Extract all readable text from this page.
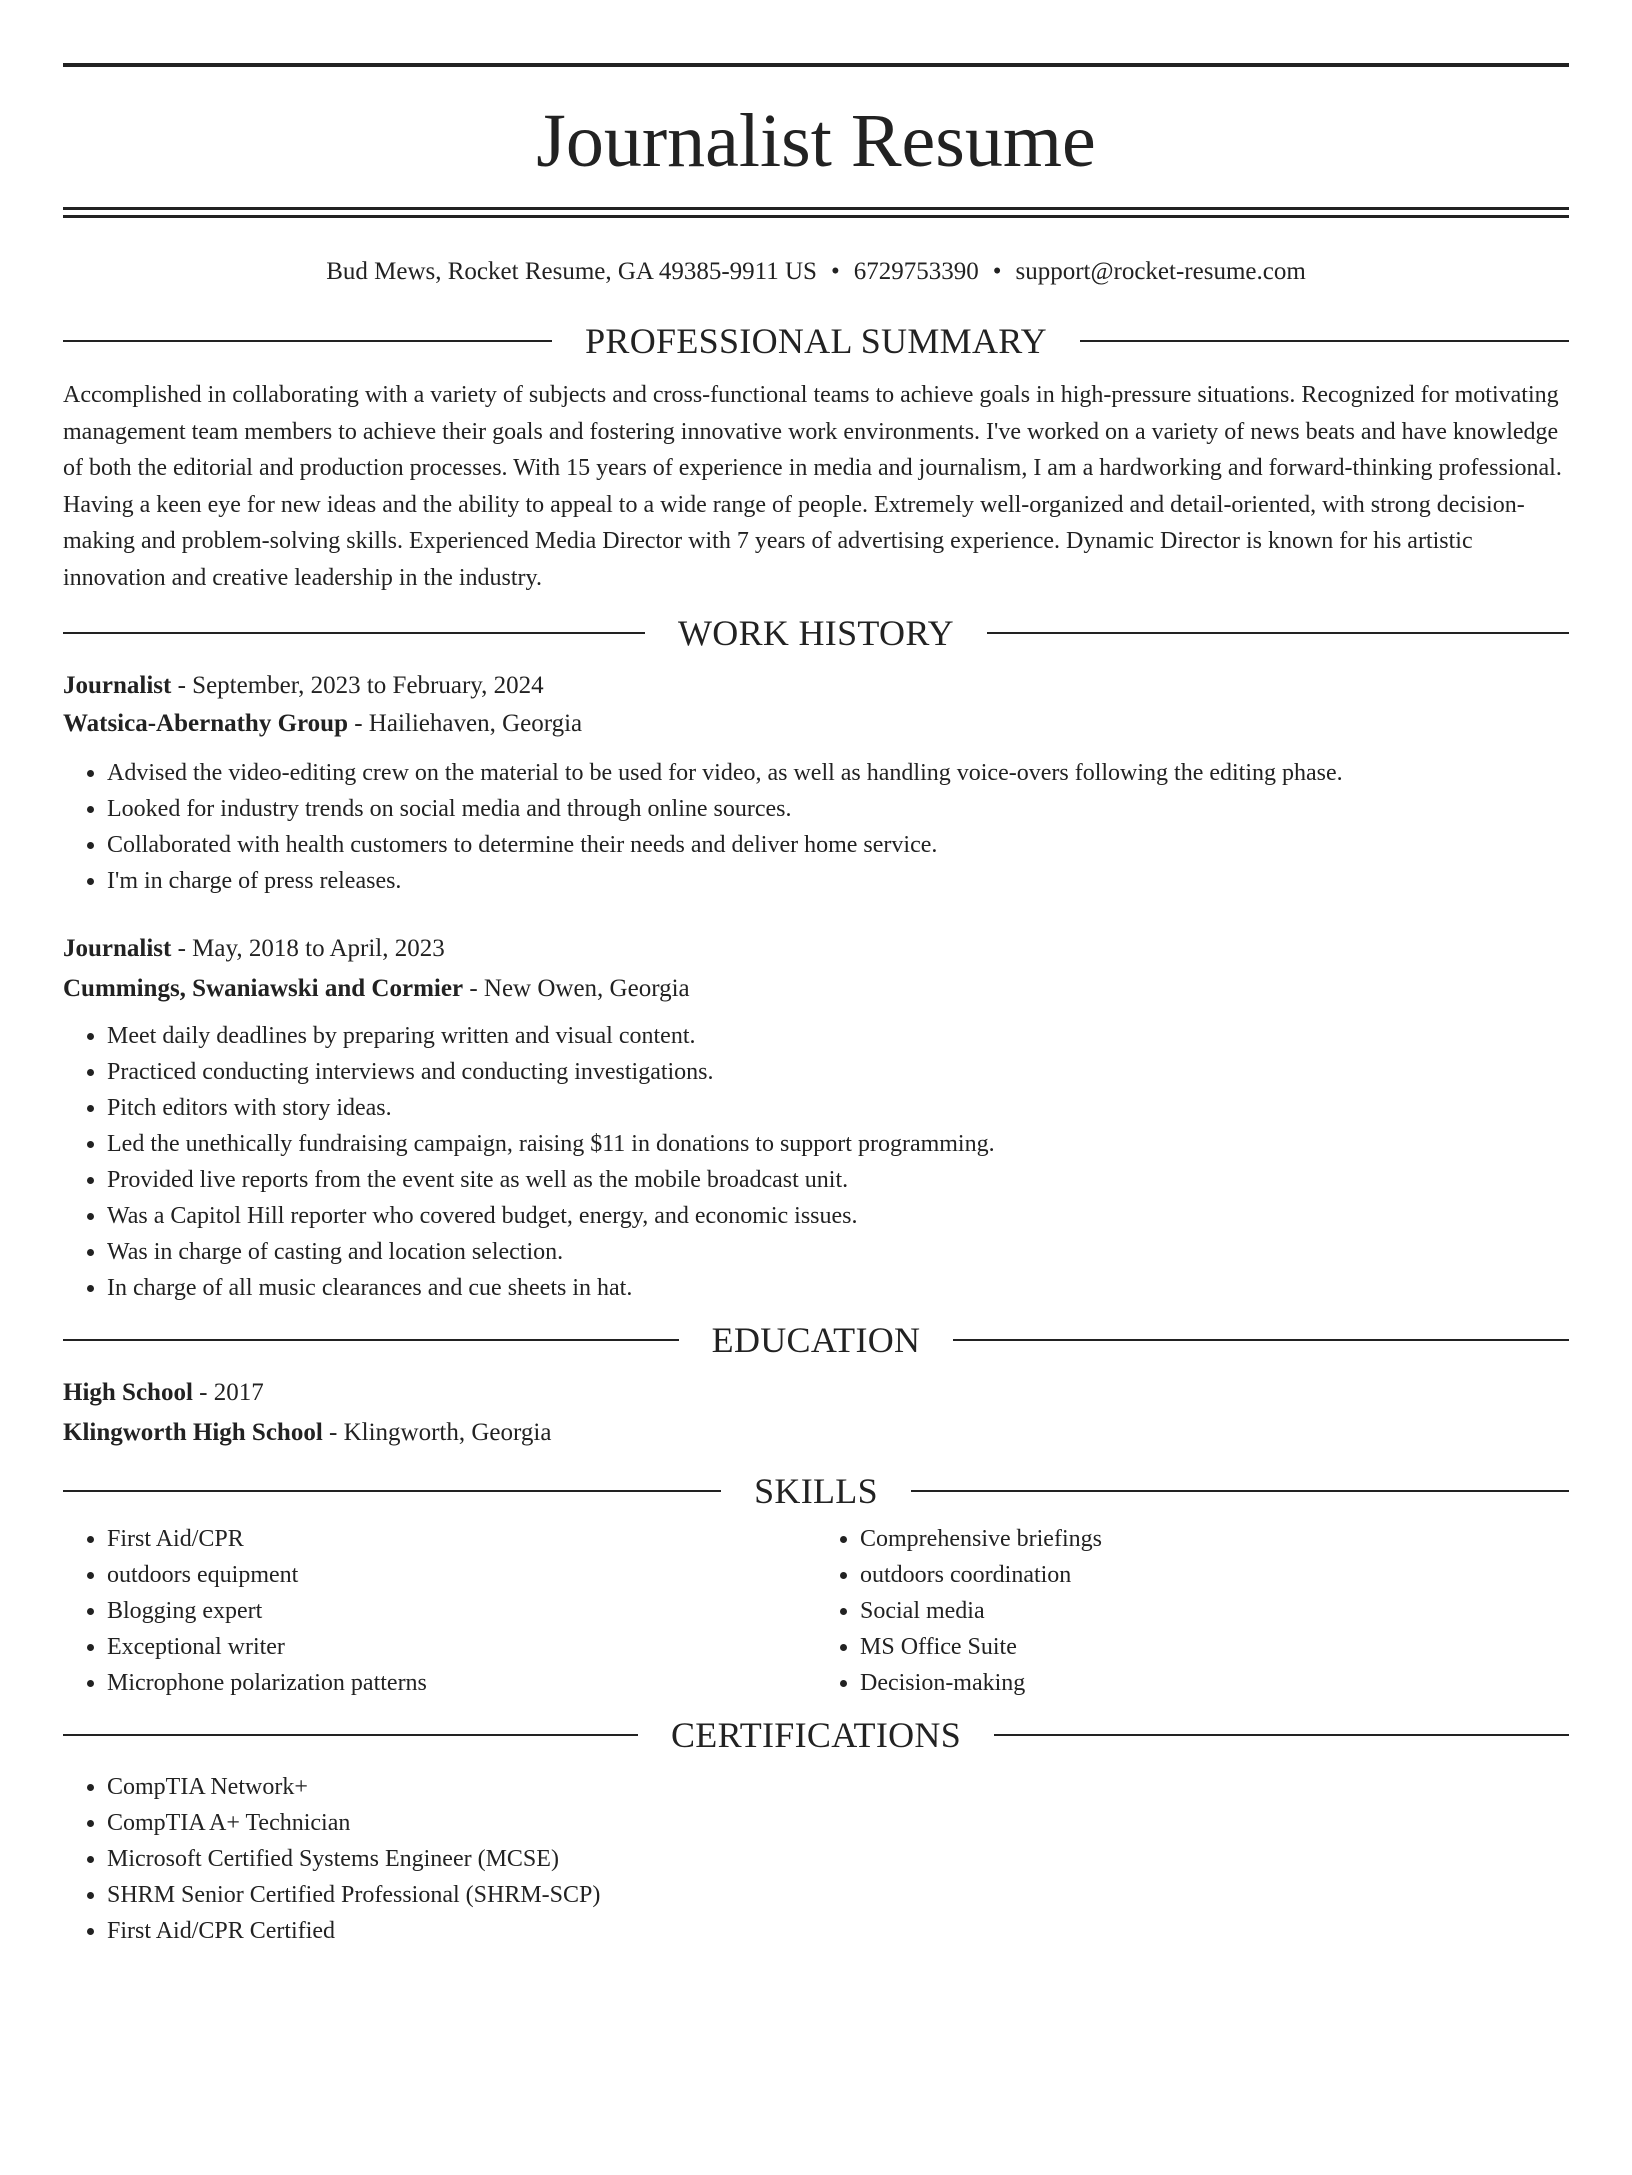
Journalist Resume
Bud Mews, Rocket Resume, GA 49385-9911 US • 6729753390 • support@rocket-resume.com
PROFESSIONAL SUMMARY

Accomplished in collaborating with a variety of subjects and cross-functional teams to achieve goals in high-pressure situations. Recognized for motivating management team members to achieve their goals and fostering innovative work environments. I've worked on a variety of news beats and have knowledge of both the editorial and production processes. With 15 years of experience in media and journalism, I am a hardworking and forward-thinking professional. Having a keen eye for new ideas and the ability to appeal to a wide range of people. Extremely well-organized and detail-oriented, with strong decision-making and problem-solving skills. Experienced Media Director with 7 years of advertising experience. Dynamic Director is known for his artistic innovation and creative leadership in the industry.

WORK HISTORY

Journalist - September, 2023 to February, 2024

Watsica-Abernathy Group - Hailiehaven, Georgia

• Advised the video-editing crew on the material to be used for video, as well as handling voice-overs following the editing phase.
• Looked for industry trends on social media and through online sources.
• Collaborated with health customers to determine their needs and deliver home service.
• I'm in charge of press releases.

Journalist - May, 2018 to April, 2023

Cummings, Swaniawski and Cormier - New Owen, Georgia

• Meet daily deadlines by preparing written and visual content.
• Practiced conducting interviews and conducting investigations.
• Pitch editors with story ideas.
• Led the unethically fundraising campaign, raising $11 in donations to support programming.
• Provided live reports from the event site as well as the mobile broadcast unit.
• Was a Capitol Hill reporter who covered budget, energy, and economic issues.
• Was in charge of casting and location selection.
• In charge of all music clearances and cue sheets in hat.
EDUCATION

High School - 2017

Klingworth High School - Klingworth, Georgia

SKILLS
• First Aid/CPR
• outdoors equipment
• Blogging expert
• Exceptional writer
• Microphone polarization patterns
• Comprehensive briefings
• outdoors coordination
• Social media
• MS Office Suite
• Decision-making
CERTIFICATIONS
• CompTIA Network+
• CompTIA A+ Technician
• Microsoft Certified Systems Engineer (MCSE)
• SHRM Senior Certified Professional (SHRM-SCP)
• First Aid/CPR Certified
